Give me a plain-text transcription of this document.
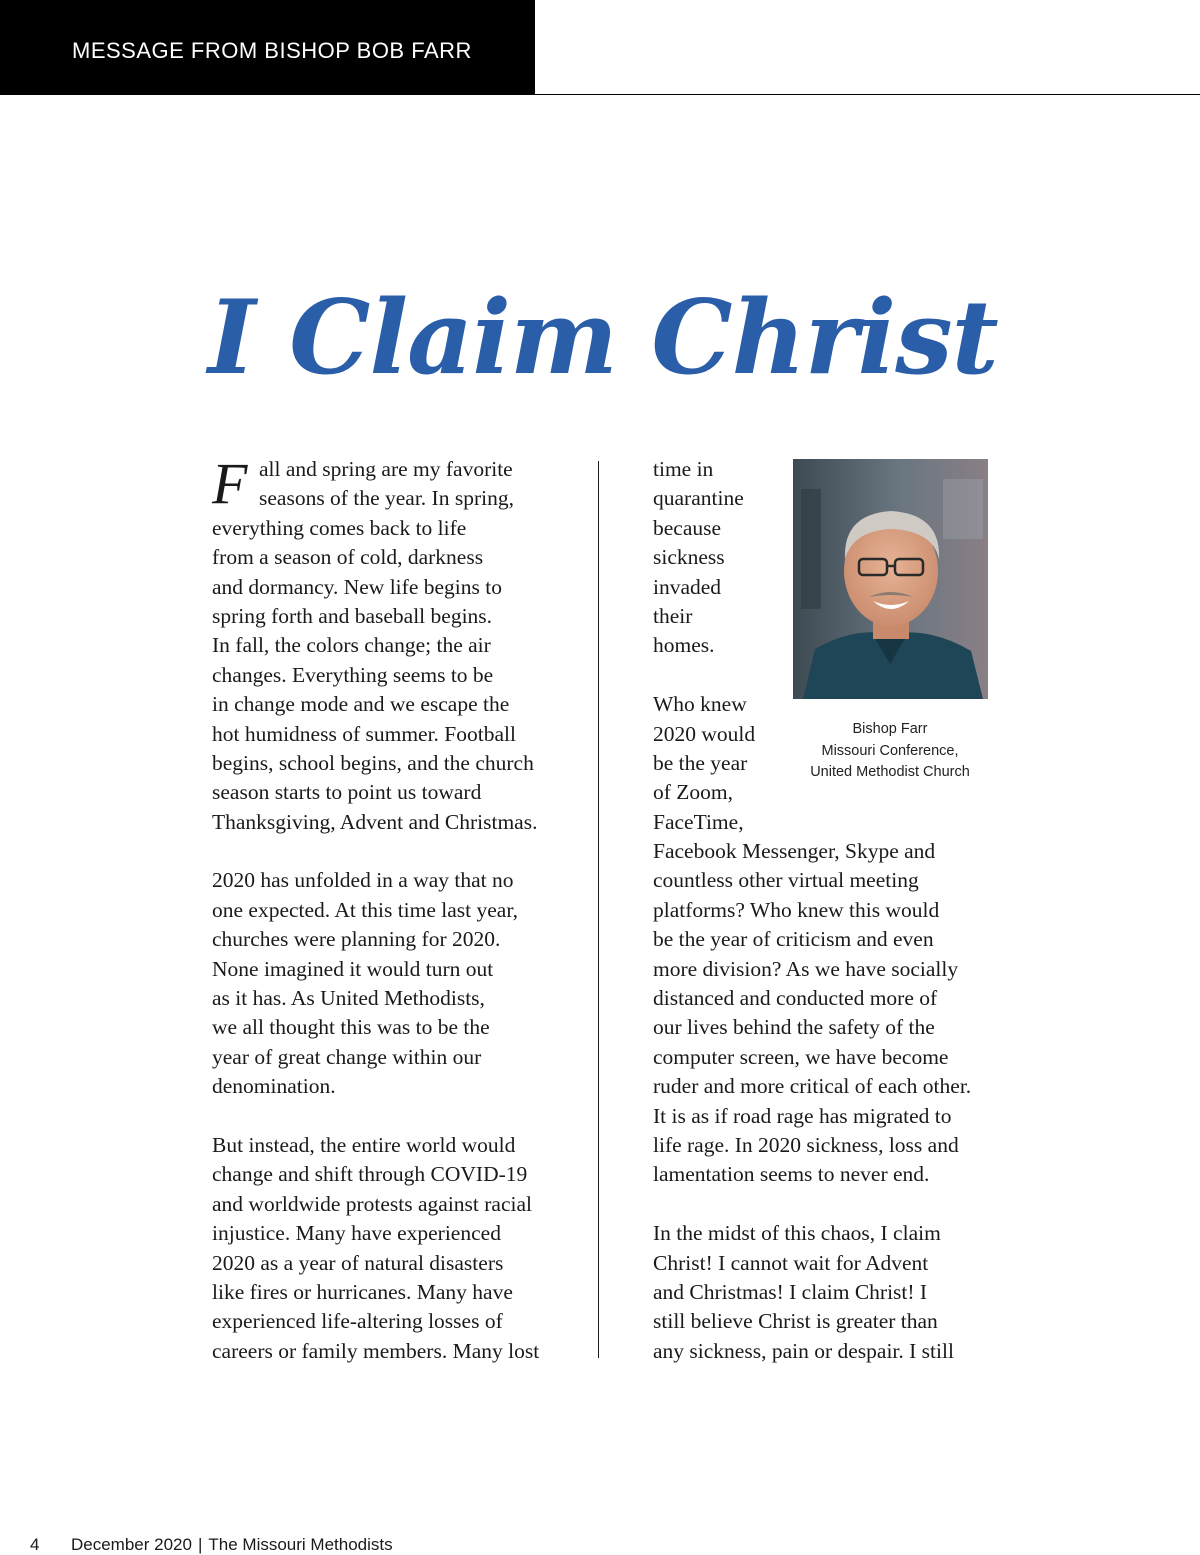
MESSAGE FROM BISHOP BOB FARR
I Claim Christ
F all and spring are my favorite
seasons of the year. In spring,
everything comes back to life
from a season of cold, darkness
and dormancy. New life begins to
spring forth and baseball begins.
In fall, the colors change; the air
changes. Everything seems to be
in change mode and we escape the
hot humidness of summer. Football
begins, school begins, and the church
season starts to point us toward
Thanksgiving, Advent and Christmas.
2020 has unfolded in a way that no
one expected. At this time last year,
churches were planning for 2020.
None imagined it would turn out
as it has. As United Methodists,
we all thought this was to be the
year of great change within our
denomination.
But instead, the entire world would
change and shift through COVID-19
and worldwide protests against racial
injustice. Many have experienced
2020 as a year of natural disasters
like fires or hurricanes. Many have
experienced life-altering losses of
careers or family members. Many lost
time in
quarantine
because
sickness
invaded
their
homes.
Who knew
2020 would
be the year
of Zoom,
FaceTime,
Facebook Messenger, Skype and
countless other virtual meeting
platforms? Who knew this would
be the year of criticism and even
more division? As we have socially
distanced and conducted more of
our lives behind the safety of the
computer screen, we have become
ruder and more critical of each other.
It is as if road rage has migrated to
life rage. In 2020 sickness, loss and
lamentation seems to never end.
In the midst of this chaos, I claim
Christ! I cannot wait for Advent
and Christmas! I claim Christ! I
still believe Christ is greater than
any sickness, pain or despair. I still
Bishop Farr
Missouri Conference,
United Methodist Church
4 December 2020 | The Missouri Methodists
